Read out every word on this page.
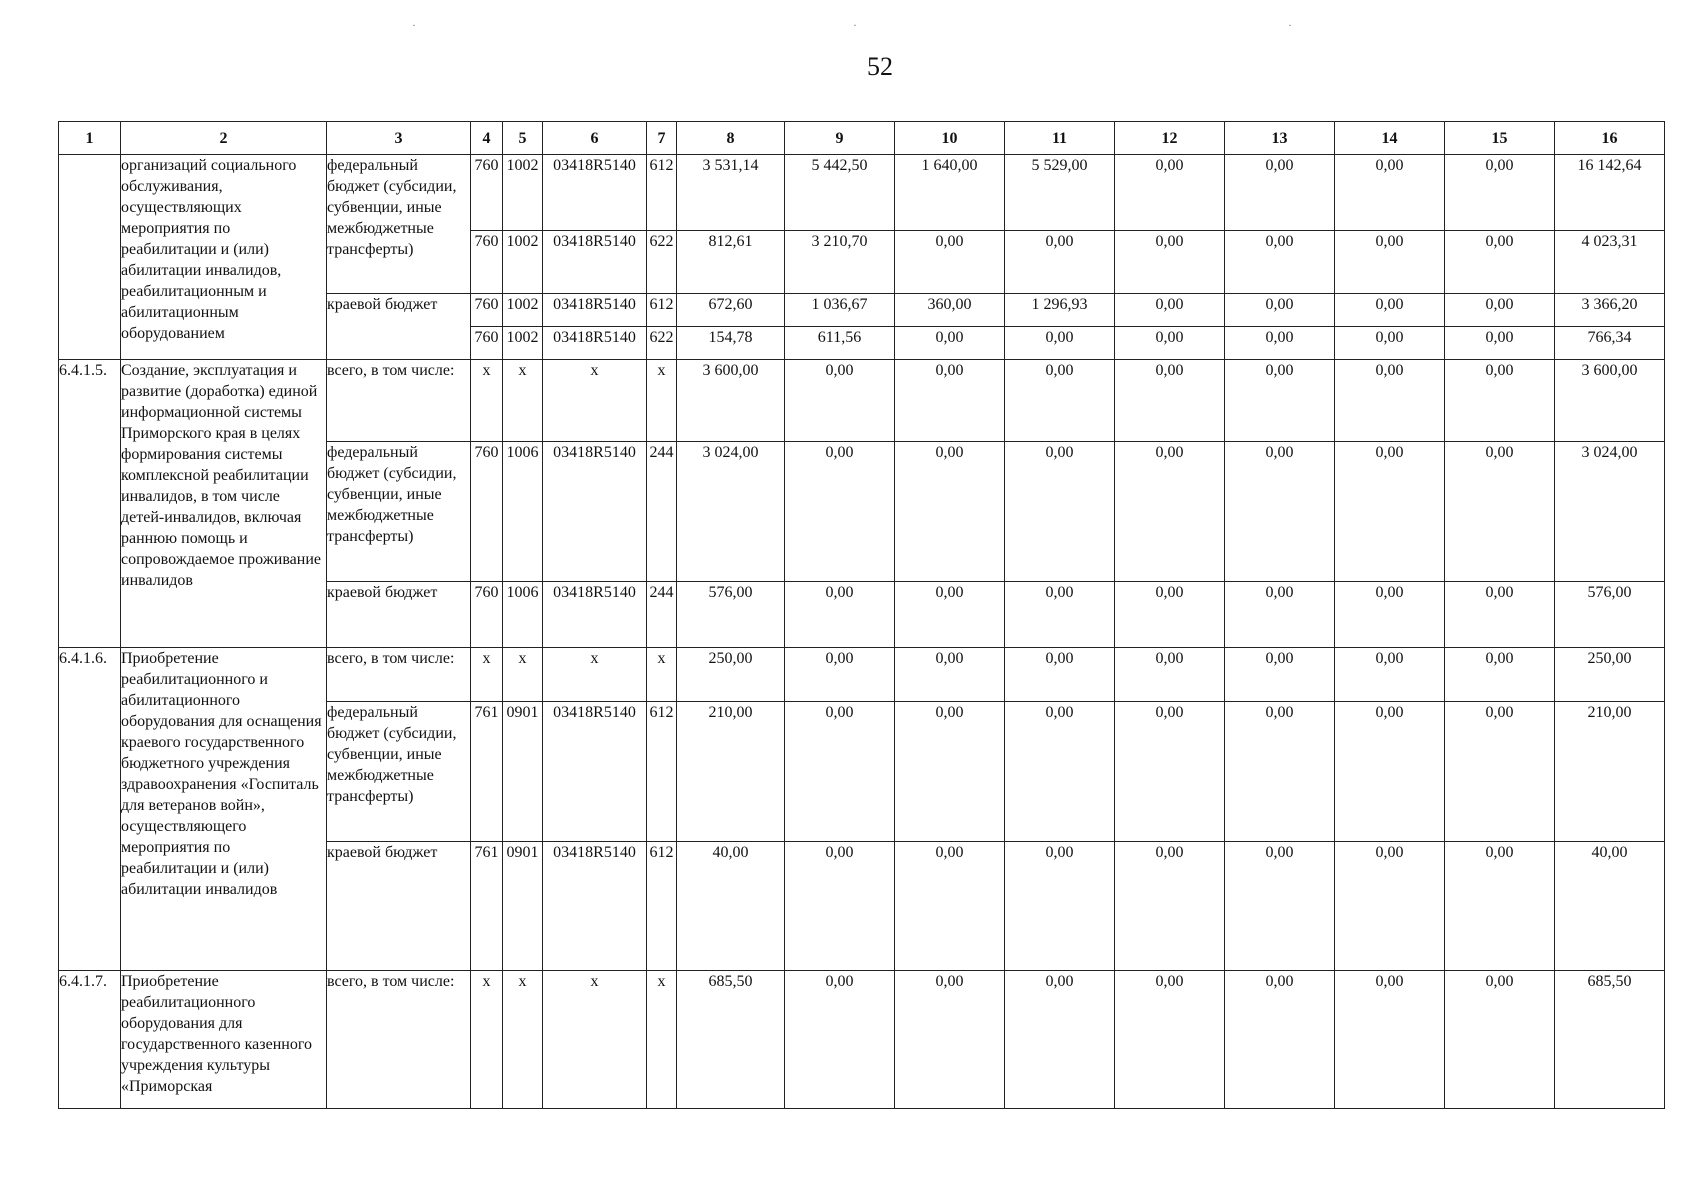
·	·	·
52
1	2	3	4	5	6	7	8	9	10	11	12	13	14	15	16
	организаций социального обслуживания, осуществляющих мероприятия по реабилитации и (или) абилитации инвалидов, реабилитационным и абилитационным оборудованием	федеральный бюджет (субсидии, субвенции, иные межбюджетные трансферты)	760	1002	03418R5140	612	3 531,14	5 442,50	1 640,00	5 529,00	0,00	0,00	0,00	0,00	16 142,64
			760	1002	03418R5140	622	812,61	3 210,70	0,00	0,00	0,00	0,00	0,00	0,00	4 023,31
		краевой бюджет	760	1002	03418R5140	612	672,60	1 036,67	360,00	1 296,93	0,00	0,00	0,00	0,00	3 366,20
			760	1002	03418R5140	622	154,78	611,56	0,00	0,00	0,00	0,00	0,00	0,00	766,34
6.4.1.5.	Создание, эксплуатация и развитие (доработка) единой информационной системы Приморского края в целях формирования системы комплексной реабилитации инвалидов, в том числе детей-инвалидов, включая раннюю помощь и сопровождаемое проживание инвалидов	всего, в том числе:	х	х	х	х	3 600,00	0,00	0,00	0,00	0,00	0,00	0,00	0,00	3 600,00
		федеральный бюджет (субсидии, субвенции, иные межбюджетные трансферты)	760	1006	03418R5140	244	3 024,00	0,00	0,00	0,00	0,00	0,00	0,00	0,00	3 024,00
		краевой бюджет	760	1006	03418R5140	244	576,00	0,00	0,00	0,00	0,00	0,00	0,00	0,00	576,00
6.4.1.6.	Приобретение реабилитационного и абилитационного оборудования для оснащения краевого государственного бюджетного учреждения здравоохранения «Госпиталь для ветеранов войн», осуществляющего мероприятия по реабилитации и (или) абилитации инвалидов	всего, в том числе:	х	х	х	х	250,00	0,00	0,00	0,00	0,00	0,00	0,00	0,00	250,00
		федеральный бюджет (субсидии, субвенции, иные межбюджетные трансферты)	761	0901	03418R5140	612	210,00	0,00	0,00	0,00	0,00	0,00	0,00	0,00	210,00
		краевой бюджет	761	0901	03418R5140	612	40,00	0,00	0,00	0,00	0,00	0,00	0,00	0,00	40,00
6.4.1.7.	Приобретение реабилитационного оборудования для государственного казенного учреждения культуры «Приморская	всего, в том числе:	х	х	х	х	685,50	0,00	0,00	0,00	0,00	0,00	0,00	0,00	685,50
